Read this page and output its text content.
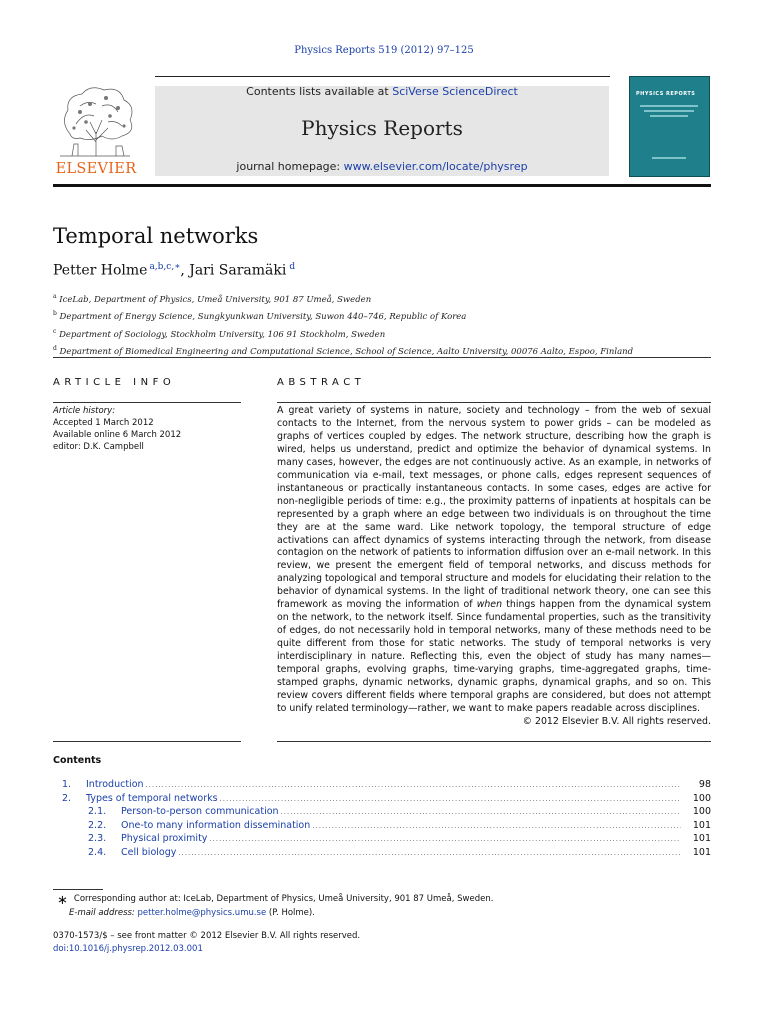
Physics Reports 519 (2012) 97–125
ELSEVIER
Contents lists available at SciVerse ScienceDirect
Physics Reports
journal homepage: www.elsevier.com/locate/physrep
PHYSICS REPORTS
Temporal networks
Petter Holme $^{a,b,c,∗}$, Jari Saramäki $^d$
$^a$ IceLab, Department of Physics, Umeå University, 901 87 Umeå, Sweden
$^b$ Department of Energy Science, Sungkyunkwan University, Suwon 440–746, Republic of Korea
$^c$ Department of Sociology, Stockholm University, 106 91 Stockholm, Sweden
$^d$ Department of Biomedical Engineering and Computational Science, School of Science, Aalto University, 00076 Aalto, Espoo, Finland
ARTICLE INFO
Article history:
Accepted 1 March 2012
Available online 6 March 2012
editor: D.K. Campbell
ABSTRACT
A great variety of systems in nature, society and technology – from the web of sexual contacts to the Internet, from the nervous system to power grids – can be modeled as graphs of vertices coupled by edges. The network structure, describing how the graph is wired, helps us understand, predict and optimize the behavior of dynamical systems. In many cases, however, the edges are not continuously active. As an example, in networks of communication via e-mail, text messages, or phone calls, edges represent sequences of instantaneous or practically instantaneous contacts. In some cases, edges are active for non-negligible periods of time: e.g., the proximity patterns of inpatients at hospitals can be represented by a graph where an edge between two individuals is on throughout the time they are at the same ward. Like network topology, the temporal structure of edge activations can affect dynamics of systems interacting through the network, from disease contagion on the network of patients to information diffusion over an e-mail network. In this review, we present the emergent field of temporal networks, and discuss methods for analyzing topological and temporal structure and models for elucidating their relation to the behavior of dynamical systems. In the light of traditional network theory, one can see this framework as moving the information of when things happen from the dynamical system on the network, to the network itself. Since fundamental properties, such as the transitivity of edges, do not necessarily hold in temporal networks, many of these methods need to be quite different from those for static networks. The study of temporal networks is very interdisciplinary in nature. Reflecting this, even the object of study has many names—temporal graphs, evolving graphs, time-varying graphs, time-aggregated graphs, time-stamped graphs, dynamic networks, dynamic graphs, dynamical graphs, and so on. This review covers different fields where temporal graphs are considered, but does not attempt to unify related terminology—rather, we want to make papers readable across disciplines.
© 2012 Elsevier B.V. All rights reserved.
Contents
1.	Introduction .....	98
2.	Types of temporal networks .....	100
2.1.	Person-to-person communication .....	100
2.2.	One-to many information dissemination .....	101
2.3.	Physical proximity .....	101
2.4.	Cell biology .....	101
∗ Corresponding author at: IceLab, Department of Physics, Umeå University, 901 87 Umeå, Sweden.
E-mail address: petter.holme@physics.umu.se (P. Holme).
0370-1573/$ – see front matter © 2012 Elsevier B.V. All rights reserved.
doi:10.1016/j.physrep.2012.03.001
